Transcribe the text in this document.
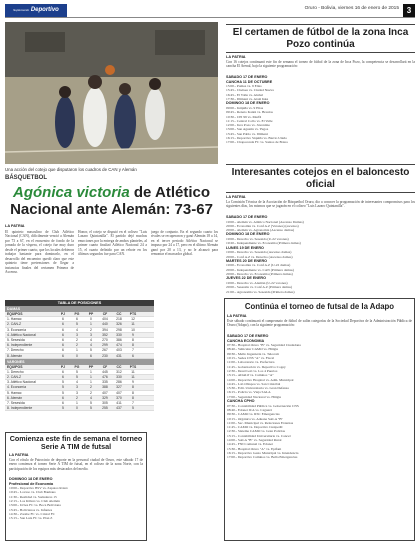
Suplemento Deportivo	Oruro - Bolivia, viernes 16 de enero de 2015 3
Una acción del cotejo que disputaron los cuadros de CAN y Alemán
BÁSQUETBOL
Agónica victoria de Atlético Nacional ante Alemán: 73-67
LA PATRIA
El quinteto masculino de Club Atlético Nacional (CAN), difícilmente venció a Alemán por 73 a 67, en el encuentro de fondo de la jornada de la víspera, el cotejo fue muy duro desde el primer cuarto, que los locales debieron trabajar bastante para dominarlo, en el desarrollo del encuentro quedó claro que este quinteto tiene pretensiones de llegar a instancias finales del certamen Primera de Ascenso.
Honor, el cotejo se disputó en el coliseo "Luis Lazaro Quintanilla". El partido dejó muchas emociones por la entrega de ambos planteles, al primer cuarto finalizó Atlético Nacional 24 a 15, el cuarto definido por un rebote en los últimos segundos fue para CAN.
juego de conjunto. En el segundo cuarto los rivales se recuperaron y ganó Alemán 18 a 14, en el tercer periodo Atlético Nacional se impuso por 24 a 17, pero en el último Alemán ganó por 20 a 13, y no le alcanzó para remontar el marcador global.
TABLA DE POSICIONES
DAMAS
EQUIPOS	PJ	PG	PP	CF	CC	PTS
1. Hamac	6	6	0	404	218	12
2. CAN-Z	6	5	1	440	326	11
3. Economía	6	4	2	394	298	10
4. Atlético Nacional	6	3	3	352	330	9
5. Sesesida	6	2	4	270	386	8
6. Independiente	6	2	4	299	474	8
7. Derecho	6	1	5	267	403	7
8. Alemán	6	0	6	230	431	6
VARONES
EQUIPOS	PJ	PG	PP	CF	CC	PTS
1. Derecho	6	5	1	445	312	11
2. CAN-Z	6	5	1	476	330	11
3. Atlético Nacional	5	4	1	335	286	9
4. Economía	5	3	2	388	327	8
5. Hamac	5	3	2	407	407	8
6. Alemán	6	2	4	329	370	8
7. Sesesida	6	1	5	305	411	7
8. Independiente	5	0	5	255	437	5
Comienza este fin de semana el torneo Serie A TIM de futsal
LA PATRIA
Con el rótulo de Patrocinio de deporte en la personal ciudad de Oruro, este sábado 17 de enero comienza el torneo Serie A TIM de futsal, en el coliseo de la zona Norte, con la participación de los equipos más destacados del medio.
DOMINGO 18 DE ENERO
Profesional de Economía
10:00.- Deportivo BSV vs. Zapatos Rolex
10:45.- Lovaso vs. Club Bauhaus
11:30.- Realidad vs. Sudaderas 15
12:15.- Los Killers vs. Club Alemán
13:00.- Urbes FC vs. Boca Boliviana
13:45.- Bolivianos vs. Infantes
14:30.- Zarabe FC vs. Cristal FC
15:15.- San Luis FC vs. Plan Z
El certamen de fútbol de la zona Inca Pozo continúa
LA PATRIA
Con 16 cotejos continuará este fin de semana el torneo de fútbol de la zona de Inca Pozo, la competencia se desarrollará en la cancha El Arenal, bajo la siguiente programación:
SÁBADO 17 DE ENERO
CANCHA 11 DE OCTUBRE
15:00.- Pumas vs. 9 Elías
15:45.- Chelsea vs. Ciudad Nueva
16:45.- El Valle vs. Alubal
17:30.- Illimani vs. Atalá Inka
DOMINGO 18 DE ENERO
09:00.- Intipiña vs. 9 Elías
09:45.- Renato Kantú vs. Braulos
10:30.- CPI 99 vs. Marfil
11:15.- Central Collo vs. El Valle
12:00.- Inca Pozo vs. Juventino
13:00.- San Agustín vs. Yugos
13:45.- San Pablo vs. Illimani
16:15.- Deportivo Siquiña vs. Barrio Unido
17:00.- Chapaconda FC vs. Santos de Bolea
Interesantes cotejos en el baloncesto oficial
LA PATRIA
La Comisión Técnica de la Asociación de Básquetbol Oruro, dio a conocer la programación de interesantes compromisos para los siguientes días, los mismos que se jugarán en el coliseo "Luis Lazaro Quintanilla".
SÁBADO 17 DE ENERO
19:00.- Alemán vs. Atlético Nacional (Ascenso Damas)
20:00.- Economía vs. Conf A.Z (Varones) (ascenso)
20:00.- Alemán vs. Agronomía (Ascenso damas)
DOMINGO 18 DE ENERO
19:00.- Derecho vs. Sesesida (U-22 varones)
19:20.- Independiente vs. Economía (Primera damas)
LUNES 19 DE ENERO
19:00.- Derecho vs. Sesesida (Ascenso damas)
20:00.- Conf A.Z vs. Derecho (Ascenso damas)
MARTES 20 DE ENERO
19:00.- Economía vs. Conf A.Z (U-22 damas)
20:00.- Independiente vs. CAN (Primera damas)
20:00.- Derecho vs. Economía (Primera damas)
JUEVES 22 DE ENERO
19:00.- Derecho vs. Alemán (U-22 varones)
20:00.- Sesesida vs. Conf A.Z (Primera damas)
21:00.- Agronomía vs. Sesesida (Primera damas)
Continúa el torneo de futsal de la Adapo
LA PATRIA
Este sábado continuará el campeonato de fútbol de salón categorías de la Sociedad Deportiva de la Administración Pública de Oruro (Adapo), con la siguiente programación:
SÁBADO 17 DE ENERO
CANCHA ECONOMIA
07:30.- Hospital Oruro "B" vs. Seguridad Ciudadana
08:40.- Vehicular CAMO vs. Hitigia
09:30.- Mello Ingeniería vs. Telecom
10:15.- Sedes CNS "A" vs. Fiscal
11:00.- Laboratorio vs. Prefectura
11:45.- Gobernación vs. Deportivo Cogey
12:30.- Deud Gob vs. Los 4 Puertos
13:15.- ADALP vs. Caminos "A"
14:00.- Deportivo Hospital vs. Adm. Municipal
14:45.- Lab Obispos vs. San Cristóbal
15:30.- Edit. Universitaria vs. Gran Defensa
16:15.- Policía vs. Vieja SALA
17:00.- Seguridad Nacional vs. Hitigia
CANCHA CPHO
07:30.- Contabilidad Pública vs. Gobernación CNS
08:40.- Edonet ICA vs. Caguará
09:30.- CAMO vs. RSC Emergencias
10:15.- Orgánica vs. Aduana SALA "B"
11:00.- Sec. Municipal vs. Relaciones Externas
11:45.- CAMO vs. Deportivo Cusipedil
12:30.- Sistema CAMO vs. Gran Policías
13:15.- Contabilidad Universitaria vs. Cancel
14:00.- SALA "B" vs. Seguridad Rural
14:45.- FNI Comunal vs. Edonet
15:30.- Hospital Oruro "A" vs. Epifani
16:15.- Deportivo Gasto Municipal vs. Intendencia
17:00.- Deportivo Caminos vs. Bella Emergencias
